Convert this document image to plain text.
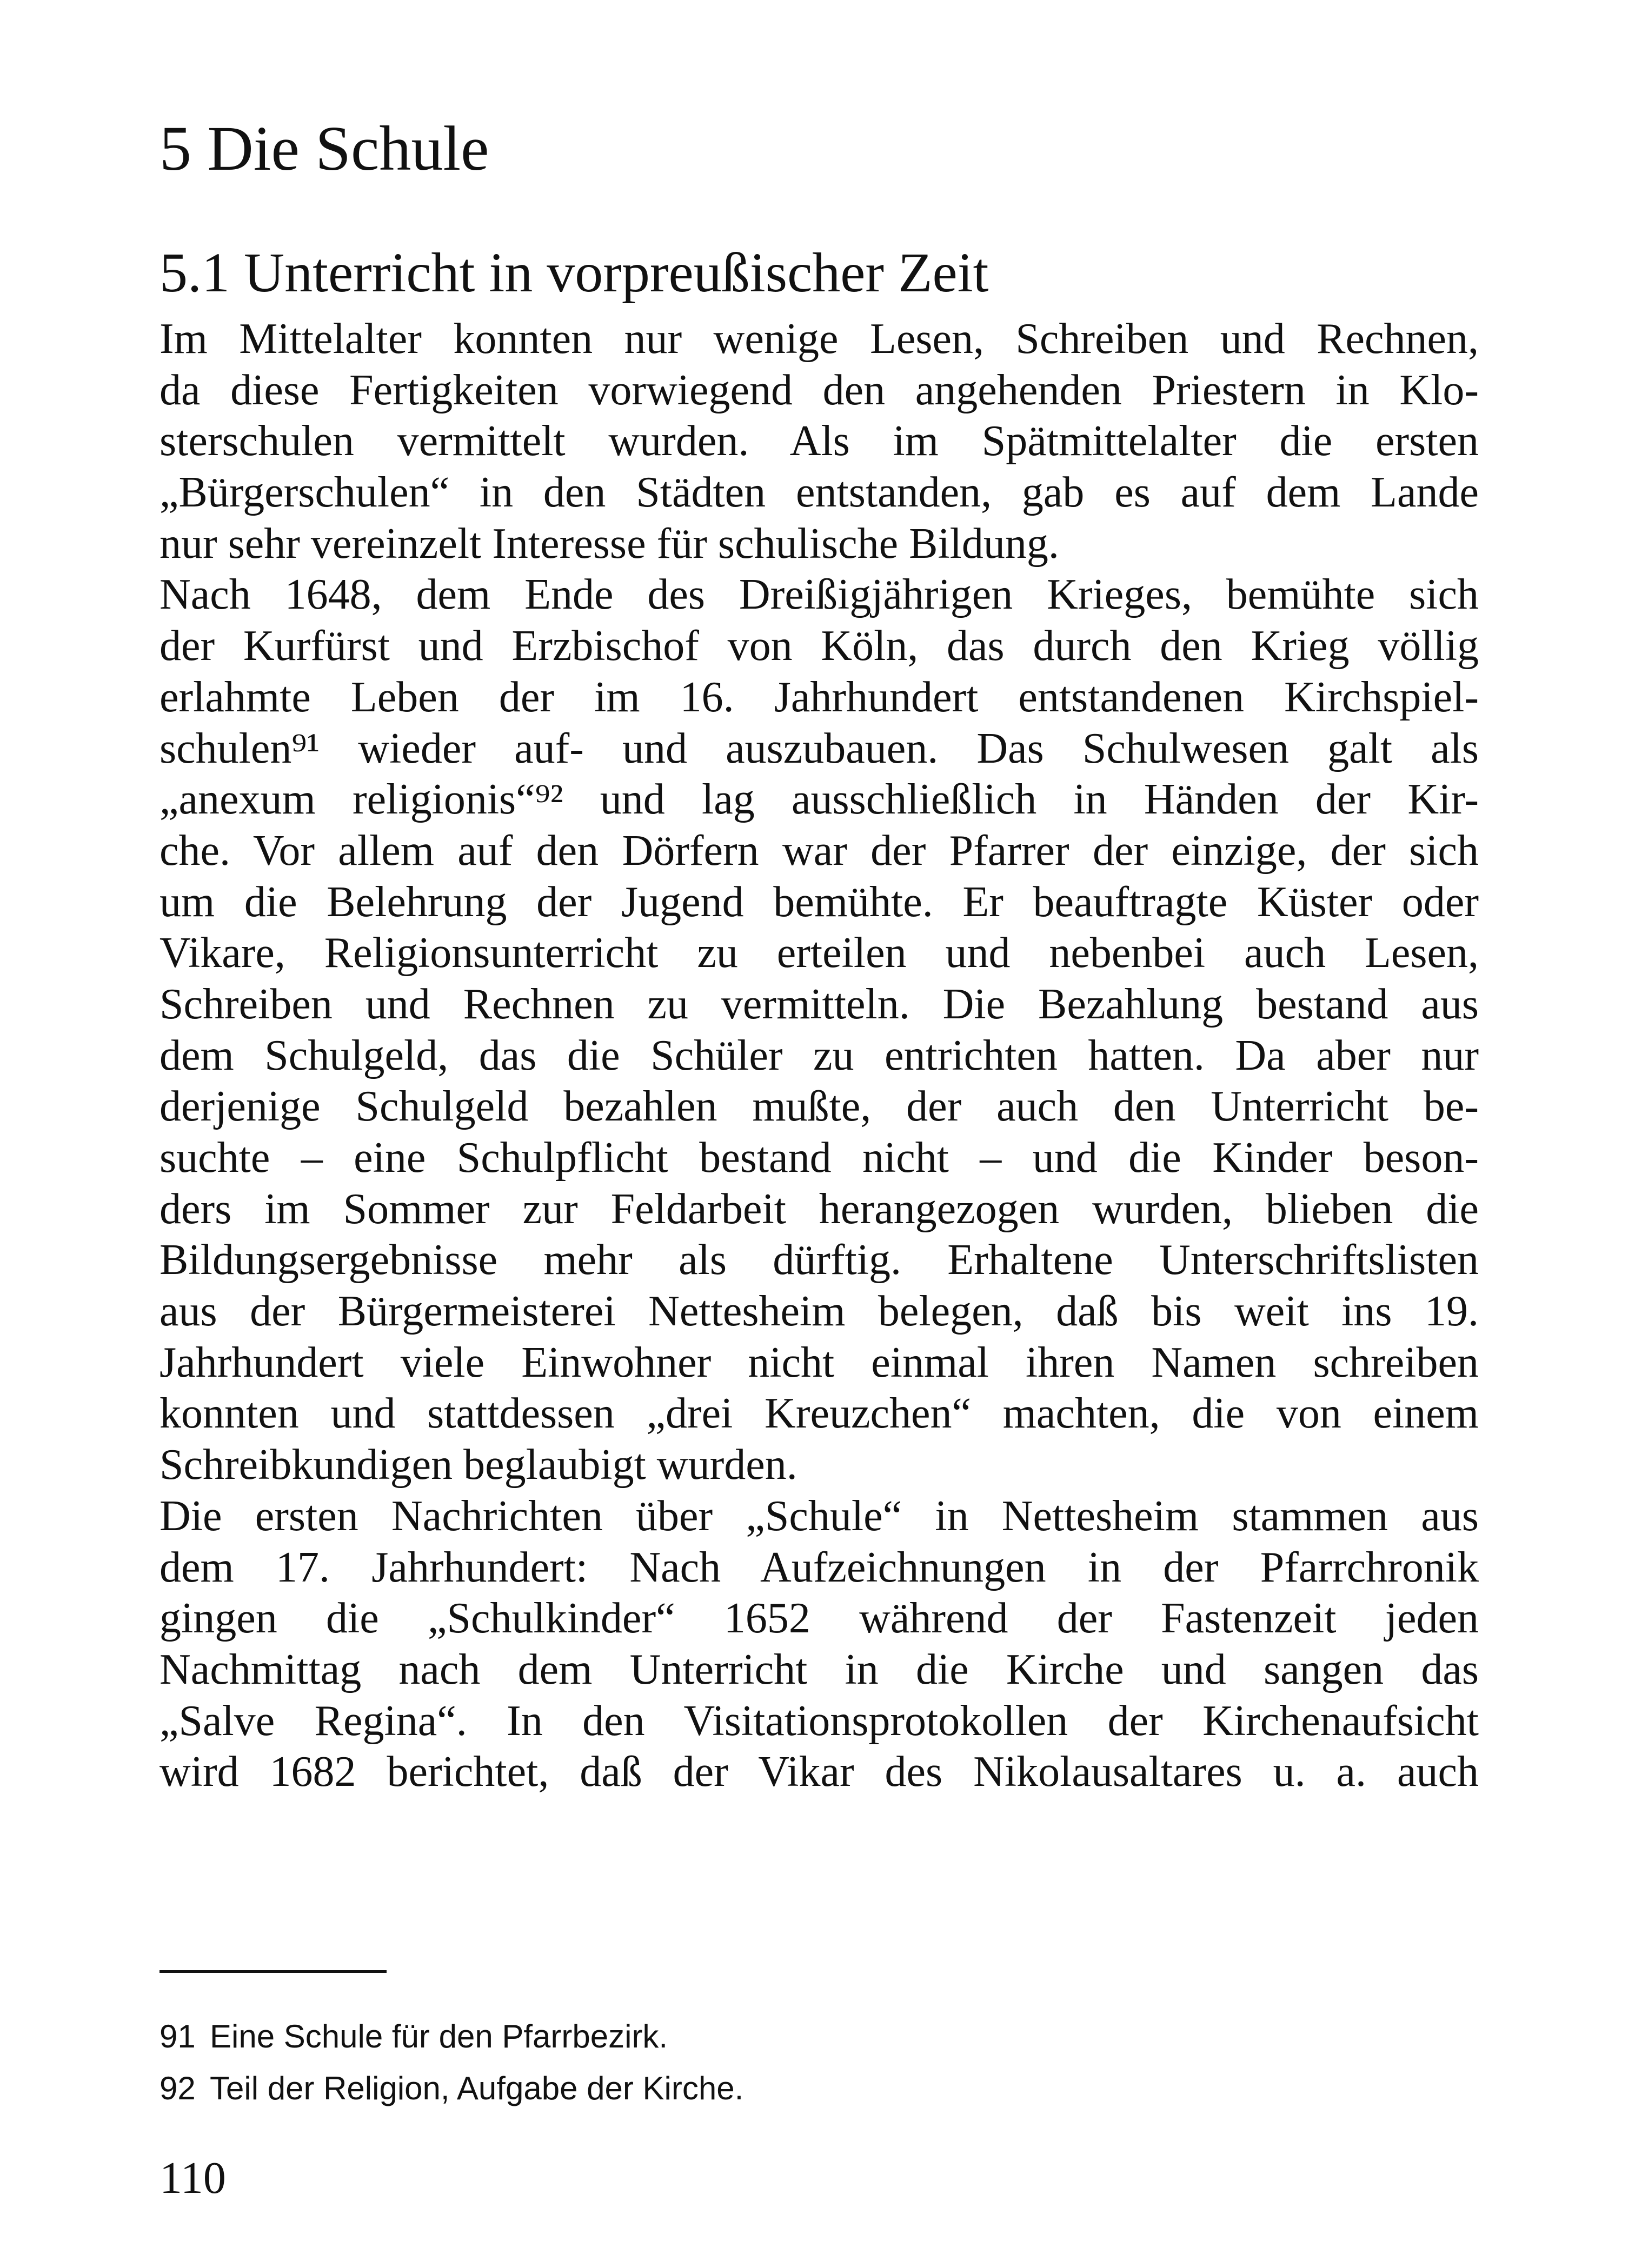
5 Die Schule
5.1 Unterricht in vorpreußischer Zeit
Im Mittelalter konnten nur wenige Lesen, Schreiben und Rechnen,
da diese Fertigkeiten vorwiegend den angehenden Priestern in Klo-
sterschulen vermittelt wurden. Als im Spätmittelalter die ersten
„Bürgerschulen“ in den Städten entstanden, gab es auf dem Lande
nur sehr vereinzelt Interesse für schulische Bildung.
Nach 1648, dem Ende des Dreißigjährigen Krieges, bemühte sich
der Kurfürst und Erzbischof von Köln, das durch den Krieg völlig
erlahmte Leben der im 16. Jahrhundert entstandenen Kirchspiel-
schulen⁹¹ wieder auf- und auszubauen. Das Schulwesen galt als
„anexum religionis“⁹² und lag ausschließlich in Händen der Kir-
che. Vor allem auf den Dörfern war der Pfarrer der einzige, der sich
um die Belehrung der Jugend bemühte. Er beauftragte Küster oder
Vikare, Religionsunterricht zu erteilen und nebenbei auch Lesen,
Schreiben und Rechnen zu vermitteln. Die Bezahlung bestand aus
dem Schulgeld, das die Schüler zu entrichten hatten. Da aber nur
derjenige Schulgeld bezahlen mußte, der auch den Unterricht be-
suchte – eine Schulpflicht bestand nicht – und die Kinder beson-
ders im Sommer zur Feldarbeit herangezogen wurden, blieben die
Bildungsergebnisse mehr als dürftig. Erhaltene Unterschriftslisten
aus der Bürgermeisterei Nettesheim belegen, daß bis weit ins 19.
Jahrhundert viele Einwohner nicht einmal ihren Namen schreiben
konnten und stattdessen „drei Kreuzchen“ machten, die von einem
Schreibkundigen beglaubigt wurden.
Die ersten Nachrichten über „Schule“ in Nettesheim stammen aus
dem 17. Jahrhundert: Nach Aufzeichnungen in der Pfarrchronik
gingen die „Schulkinder“ 1652 während der Fastenzeit jeden
Nachmittag nach dem Unterricht in die Kirche und sangen das
„Salve Regina“. In den Visitationsprotokollen der Kirchenaufsicht
wird 1682 berichtet, daß der Vikar des Nikolausaltares u. a. auch
91 Eine Schule für den Pfarrbezirk.
92 Teil der Religion, Aufgabe der Kirche.
110
